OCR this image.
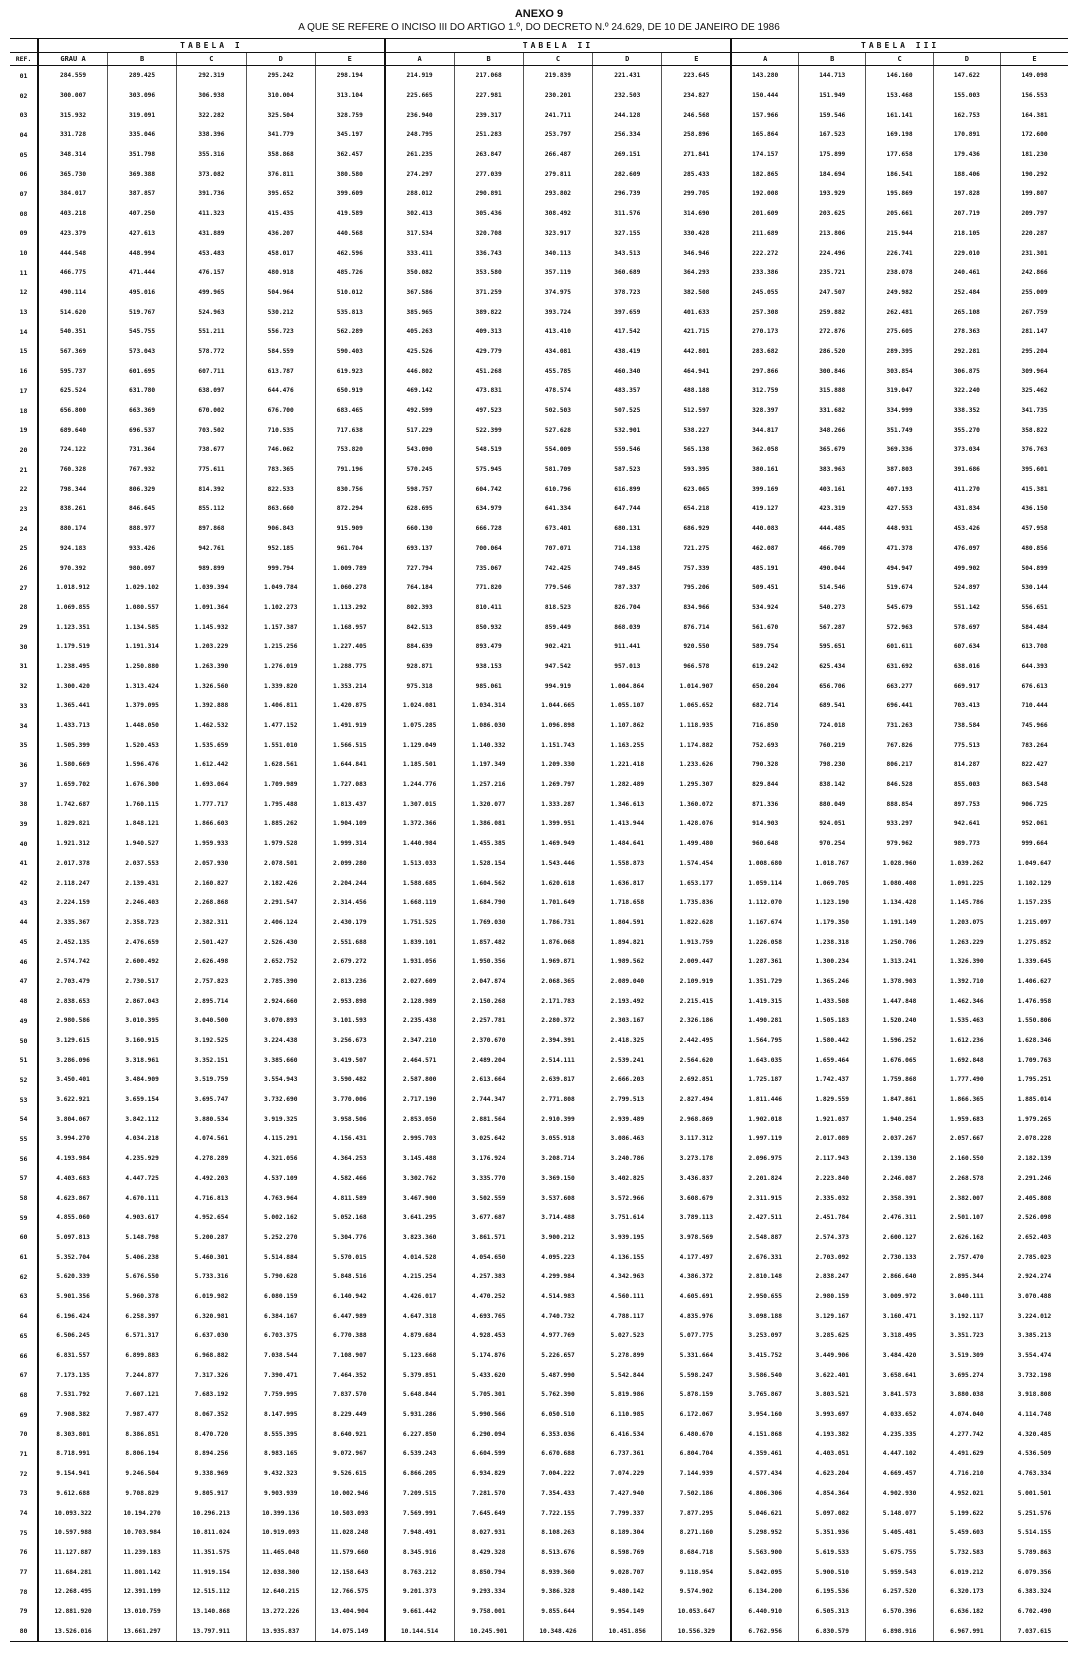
ANEXO 9
A QUE SE REFERE O INCISO III DO ARTIGO 1.º, DO DECRETO N.º 24.629, DE 10 DE JANEIRO DE 1986
	TABELA I					TABELA II					TABELA III				
REF.	GRAU A	B	C	D	E	A	B	C	D	E	A	B	C	D	E
01	284.559	289.425	292.319	295.242	298.194	214.919	217.068	219.839	221.431	223.645	143.280	144.713	146.160	147.622	149.098
02	300.007	303.096	306.938	310.004	313.104	225.665	227.981	230.201	232.503	234.827	150.444	151.949	153.468	155.003	156.553
03	315.932	319.091	322.282	325.504	328.759	236.940	239.317	241.711	244.128	246.568	157.966	159.546	161.141	162.753	164.381
04	331.728	335.046	338.396	341.779	345.197	248.795	251.283	253.797	256.334	258.896	165.864	167.523	169.198	170.891	172.600
05	348.314	351.798	355.316	358.868	362.457	261.235	263.847	266.487	269.151	271.841	174.157	175.899	177.658	179.436	181.230
06	365.730	369.388	373.082	376.811	380.580	274.297	277.039	279.811	282.609	285.433	182.865	184.694	186.541	188.406	190.292
07	384.017	387.857	391.736	395.652	399.609	288.012	290.891	293.802	296.739	299.705	192.008	193.929	195.869	197.828	199.807
08	403.218	407.250	411.323	415.435	419.589	302.413	305.436	308.492	311.576	314.690	201.609	203.625	205.661	207.719	209.797
09	423.379	427.613	431.889	436.207	440.568	317.534	320.708	323.917	327.155	330.428	211.689	213.806	215.944	218.105	220.287
10	444.548	448.994	453.483	458.017	462.596	333.411	336.743	340.113	343.513	346.946	222.272	224.496	226.741	229.010	231.301
11	466.775	471.444	476.157	480.918	485.726	350.082	353.580	357.119	360.689	364.293	233.386	235.721	238.078	240.461	242.866
12	490.114	495.016	499.965	504.964	510.012	367.586	371.259	374.975	378.723	382.508	245.055	247.507	249.982	252.484	255.009
13	514.620	519.767	524.963	530.212	535.813	385.965	389.822	393.724	397.659	401.633	257.308	259.882	262.481	265.108	267.759
14	540.351	545.755	551.211	556.723	562.289	405.263	409.313	413.410	417.542	421.715	270.173	272.876	275.605	278.363	281.147
15	567.369	573.043	578.772	584.559	590.403	425.526	429.779	434.081	438.419	442.801	283.682	286.520	289.395	292.281	295.204
16	595.737	601.695	607.711	613.787	619.923	446.802	451.268	455.785	460.340	464.941	297.866	300.846	303.854	306.875	309.964
17	625.524	631.780	638.097	644.476	650.919	469.142	473.831	478.574	483.357	488.188	312.759	315.888	319.047	322.240	325.462
18	656.800	663.369	670.002	676.700	683.465	492.599	497.523	502.503	507.525	512.597	328.397	331.682	334.999	338.352	341.735
19	689.640	696.537	703.502	710.535	717.638	517.229	522.399	527.628	532.901	538.227	344.817	348.266	351.749	355.270	358.822
20	724.122	731.364	738.677	746.062	753.820	543.090	548.519	554.009	559.546	565.138	362.058	365.679	369.336	373.034	376.763
21	760.328	767.932	775.611	783.365	791.196	570.245	575.945	581.709	587.523	593.395	380.161	383.963	387.803	391.686	395.601
22	798.344	806.329	814.392	822.533	830.756	598.757	604.742	610.796	616.899	623.065	399.169	403.161	407.193	411.270	415.381
23	838.261	846.645	855.112	863.660	872.294	628.695	634.979	641.334	647.744	654.218	419.127	423.319	427.553	431.834	436.150
24	880.174	888.977	897.868	906.843	915.909	660.130	666.728	673.401	680.131	686.929	440.083	444.485	448.931	453.426	457.958
25	924.183	933.426	942.761	952.185	961.704	693.137	700.064	707.071	714.138	721.275	462.087	466.709	471.378	476.097	480.856
26	970.392	980.097	989.899	999.794	1.009.789	727.794	735.067	742.425	749.845	757.339	485.191	490.044	494.947	499.902	504.899
27	1.018.912	1.029.102	1.039.394	1.049.784	1.060.278	764.184	771.820	779.546	787.337	795.206	509.451	514.546	519.674	524.897	530.144
28	1.069.855	1.080.557	1.091.364	1.102.273	1.113.292	802.393	810.411	818.523	826.704	834.966	534.924	540.273	545.679	551.142	556.651
29	1.123.351	1.134.585	1.145.932	1.157.387	1.168.957	842.513	850.932	859.449	868.039	876.714	561.670	567.287	572.963	578.697	584.484
30	1.179.519	1.191.314	1.203.229	1.215.256	1.227.405	884.639	893.479	902.421	911.441	920.550	589.754	595.651	601.611	607.634	613.708
31	1.238.495	1.250.880	1.263.390	1.276.019	1.288.775	928.871	938.153	947.542	957.013	966.578	619.242	625.434	631.692	638.016	644.393
32	1.300.420	1.313.424	1.326.560	1.339.820	1.353.214	975.318	985.061	994.919	1.004.864	1.014.907	650.204	656.706	663.277	669.917	676.613
33	1.365.441	1.379.095	1.392.888	1.406.811	1.420.875	1.024.081	1.034.314	1.044.665	1.055.107	1.065.652	682.714	689.541	696.441	703.413	710.444
34	1.433.713	1.448.050	1.462.532	1.477.152	1.491.919	1.075.285	1.086.030	1.096.898	1.107.862	1.118.935	716.850	724.018	731.263	738.584	745.966
35	1.505.399	1.520.453	1.535.659	1.551.010	1.566.515	1.129.049	1.140.332	1.151.743	1.163.255	1.174.882	752.693	760.219	767.826	775.513	783.264
36	1.580.669	1.596.476	1.612.442	1.628.561	1.644.841	1.185.501	1.197.349	1.209.330	1.221.418	1.233.626	790.328	798.230	806.217	814.287	822.427
37	1.659.702	1.676.300	1.693.064	1.709.989	1.727.083	1.244.776	1.257.216	1.269.797	1.282.489	1.295.307	829.844	838.142	846.528	855.003	863.548
38	1.742.687	1.760.115	1.777.717	1.795.488	1.813.437	1.307.015	1.320.077	1.333.287	1.346.613	1.360.072	871.336	880.049	888.854	897.753	906.725
39	1.829.821	1.848.121	1.866.603	1.885.262	1.904.109	1.372.366	1.386.081	1.399.951	1.413.944	1.428.076	914.903	924.051	933.297	942.641	952.061
40	1.921.312	1.940.527	1.959.933	1.979.528	1.999.314	1.440.984	1.455.385	1.469.949	1.484.641	1.499.480	960.648	970.254	979.962	989.773	999.664
41	2.017.378	2.037.553	2.057.930	2.078.501	2.099.280	1.513.033	1.528.154	1.543.446	1.558.873	1.574.454	1.008.680	1.018.767	1.028.960	1.039.262	1.049.647
42	2.118.247	2.139.431	2.160.827	2.182.426	2.204.244	1.588.685	1.604.562	1.620.618	1.636.817	1.653.177	1.059.114	1.069.705	1.080.408	1.091.225	1.102.129
43	2.224.159	2.246.403	2.268.868	2.291.547	2.314.456	1.668.119	1.684.790	1.701.649	1.718.658	1.735.836	1.112.070	1.123.190	1.134.428	1.145.786	1.157.235
44	2.335.367	2.358.723	2.382.311	2.406.124	2.430.179	1.751.525	1.769.030	1.786.731	1.804.591	1.822.628	1.167.674	1.179.350	1.191.149	1.203.075	1.215.097
45	2.452.135	2.476.659	2.501.427	2.526.430	2.551.688	1.839.101	1.857.482	1.876.068	1.894.821	1.913.759	1.226.058	1.238.318	1.250.706	1.263.229	1.275.852
46	2.574.742	2.600.492	2.626.498	2.652.752	2.679.272	1.931.056	1.950.356	1.969.871	1.989.562	2.009.447	1.287.361	1.300.234	1.313.241	1.326.390	1.339.645
47	2.703.479	2.730.517	2.757.823	2.785.390	2.813.236	2.027.609	2.047.874	2.068.365	2.089.040	2.109.919	1.351.729	1.365.246	1.378.903	1.392.710	1.406.627
48	2.838.653	2.867.043	2.895.714	2.924.660	2.953.898	2.128.989	2.150.268	2.171.783	2.193.492	2.215.415	1.419.315	1.433.508	1.447.848	1.462.346	1.476.958
49	2.980.586	3.010.395	3.040.500	3.070.893	3.101.593	2.235.438	2.257.781	2.280.372	2.303.167	2.326.186	1.490.281	1.505.183	1.520.240	1.535.463	1.550.806
50	3.129.615	3.160.915	3.192.525	3.224.438	3.256.673	2.347.210	2.370.670	2.394.391	2.418.325	2.442.495	1.564.795	1.580.442	1.596.252	1.612.236	1.628.346
51	3.286.096	3.318.961	3.352.151	3.385.660	3.419.507	2.464.571	2.489.204	2.514.111	2.539.241	2.564.620	1.643.035	1.659.464	1.676.065	1.692.848	1.709.763
52	3.450.401	3.484.909	3.519.759	3.554.943	3.590.482	2.587.800	2.613.664	2.639.817	2.666.203	2.692.851	1.725.187	1.742.437	1.759.868	1.777.490	1.795.251
53	3.622.921	3.659.154	3.695.747	3.732.690	3.770.006	2.717.190	2.744.347	2.771.808	2.799.513	2.827.494	1.811.446	1.829.559	1.847.861	1.866.365	1.885.014
54	3.804.067	3.842.112	3.880.534	3.919.325	3.958.506	2.853.050	2.881.564	2.910.399	2.939.489	2.968.869	1.902.018	1.921.037	1.940.254	1.959.683	1.979.265
55	3.994.270	4.034.218	4.074.561	4.115.291	4.156.431	2.995.703	3.025.642	3.055.918	3.086.463	3.117.312	1.997.119	2.017.089	2.037.267	2.057.667	2.078.228
56	4.193.984	4.235.929	4.278.289	4.321.056	4.364.253	3.145.488	3.176.924	3.208.714	3.240.786	3.273.178	2.096.975	2.117.943	2.139.130	2.160.550	2.182.139
57	4.403.683	4.447.725	4.492.203	4.537.109	4.582.466	3.302.762	3.335.770	3.369.150	3.402.825	3.436.837	2.201.824	2.223.840	2.246.087	2.268.578	2.291.246
58	4.623.867	4.670.111	4.716.813	4.763.964	4.811.589	3.467.900	3.502.559	3.537.608	3.572.966	3.608.679	2.311.915	2.335.032	2.358.391	2.382.007	2.405.808
59	4.855.060	4.903.617	4.952.654	5.002.162	5.052.168	3.641.295	3.677.687	3.714.488	3.751.614	3.789.113	2.427.511	2.451.784	2.476.311	2.501.107	2.526.098
60	5.097.813	5.148.798	5.200.287	5.252.270	5.304.776	3.823.360	3.861.571	3.900.212	3.939.195	3.978.569	2.548.887	2.574.373	2.600.127	2.626.162	2.652.403
61	5.352.704	5.406.238	5.460.301	5.514.884	5.570.015	4.014.528	4.054.650	4.095.223	4.136.155	4.177.497	2.676.331	2.703.092	2.730.133	2.757.470	2.785.023
62	5.620.339	5.676.550	5.733.316	5.790.628	5.848.516	4.215.254	4.257.383	4.299.984	4.342.963	4.386.372	2.810.148	2.838.247	2.866.640	2.895.344	2.924.274
63	5.901.356	5.960.378	6.019.982	6.080.159	6.140.942	4.426.017	4.470.252	4.514.983	4.560.111	4.605.691	2.950.655	2.980.159	3.009.972	3.040.111	3.070.488
64	6.196.424	6.258.397	6.320.981	6.384.167	6.447.989	4.647.318	4.693.765	4.740.732	4.788.117	4.835.976	3.098.188	3.129.167	3.160.471	3.192.117	3.224.012
65	6.506.245	6.571.317	6.637.030	6.703.375	6.770.388	4.879.684	4.928.453	4.977.769	5.027.523	5.077.775	3.253.097	3.285.625	3.318.495	3.351.723	3.385.213
66	6.831.557	6.899.883	6.968.882	7.038.544	7.108.907	5.123.668	5.174.876	5.226.657	5.278.899	5.331.664	3.415.752	3.449.906	3.484.420	3.519.309	3.554.474
67	7.173.135	7.244.877	7.317.326	7.390.471	7.464.352	5.379.851	5.433.620	5.487.990	5.542.844	5.598.247	3.586.540	3.622.401	3.658.641	3.695.274	3.732.198
68	7.531.792	7.607.121	7.683.192	7.759.995	7.837.570	5.648.844	5.705.301	5.762.390	5.819.986	5.878.159	3.765.867	3.803.521	3.841.573	3.880.038	3.918.808
69	7.908.382	7.987.477	8.067.352	8.147.995	8.229.449	5.931.286	5.990.566	6.050.510	6.110.985	6.172.067	3.954.160	3.993.697	4.033.652	4.074.040	4.114.748
70	8.303.801	8.386.851	8.470.720	8.555.395	8.640.921	6.227.850	6.290.094	6.353.036	6.416.534	6.480.670	4.151.868	4.193.382	4.235.335	4.277.742	4.320.485
71	8.718.991	8.806.194	8.894.256	8.983.165	9.072.967	6.539.243	6.604.599	6.670.688	6.737.361	6.804.704	4.359.461	4.403.051	4.447.102	4.491.629	4.536.509
72	9.154.941	9.246.504	9.338.969	9.432.323	9.526.615	6.866.205	6.934.829	7.004.222	7.074.229	7.144.939	4.577.434	4.623.204	4.669.457	4.716.210	4.763.334
73	9.612.688	9.708.829	9.805.917	9.903.939	10.002.946	7.209.515	7.281.570	7.354.433	7.427.940	7.502.186	4.806.306	4.854.364	4.902.930	4.952.021	5.001.501
74	10.093.322	10.194.270	10.296.213	10.399.136	10.503.093	7.569.991	7.645.649	7.722.155	7.799.337	7.877.295	5.046.621	5.097.082	5.148.077	5.199.622	5.251.576
75	10.597.988	10.703.984	10.811.024	10.919.093	11.028.248	7.948.491	8.027.931	8.108.263	8.189.304	8.271.160	5.298.952	5.351.936	5.405.481	5.459.603	5.514.155
76	11.127.887	11.239.183	11.351.575	11.465.048	11.579.660	8.345.916	8.429.328	8.513.676	8.598.769	8.684.718	5.563.900	5.619.533	5.675.755	5.732.583	5.789.863
77	11.684.281	11.801.142	11.919.154	12.038.300	12.158.643	8.763.212	8.850.794	8.939.360	9.028.707	9.118.954	5.842.095	5.900.510	5.959.543	6.019.212	6.079.356
78	12.268.495	12.391.199	12.515.112	12.640.215	12.766.575	9.201.373	9.293.334	9.386.328	9.480.142	9.574.902	6.134.200	6.195.536	6.257.520	6.320.173	6.383.324
79	12.881.920	13.010.759	13.140.868	13.272.226	13.404.904	9.661.442	9.758.001	9.855.644	9.954.149	10.053.647	6.440.910	6.505.313	6.570.396	6.636.182	6.702.490
80	13.526.016	13.661.297	13.797.911	13.935.837	14.075.149	10.144.514	10.245.901	10.348.426	10.451.856	10.556.329	6.762.956	6.830.579	6.898.916	6.967.991	7.037.615
